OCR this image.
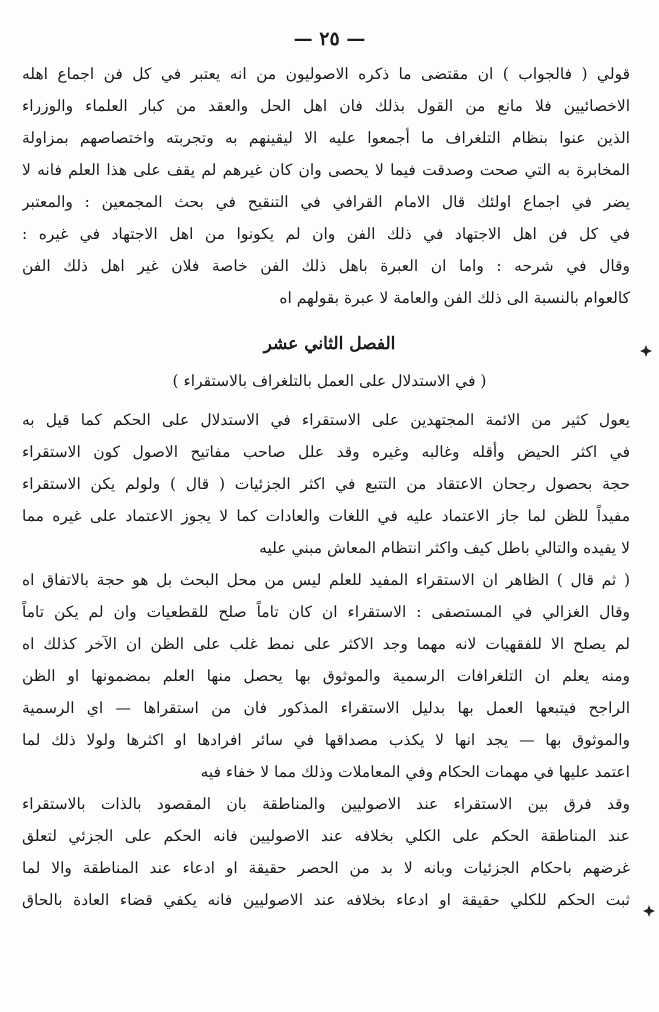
— ٢٥ —
قولي ( فالجواب ) ان مقتضى ما ذكره الاصوليون من انه يعتبر في كل فن اجماع اهله
الاخصائيين فلا مانع من القول بذلك فان اهل الحل والعقد من كبار العلماء والوزراء
الذين عنوا بنظام التلغراف ما أجمعوا عليه الا ليقينهم به وتجربته واختصاصهم بمزاولة
المخابرة به التي صحت وصدقت فيما لا يحصى وان كان غيرهم لم يقف على هذا العلم فانه لا
يضر في اجماع اولئك قال الامام القرافي في التنقيح في بحث المجمعين : والمعتبر
في كل فن اهل الاجتهاد في ذلك الفن وان لم يكونوا من اهل الاجتهاد في غيره :
وقال في شرحه : واما ان العبرة باهل ذلك الفن خاصة فلان غير اهل ذلك الفن
كالعوام بالنسبة الى ذلك الفن والعامة لا عبرة بقولهم اه
الفصل الثاني عشر
( في الاستدلال على العمل بالتلغراف بالاستقراء )
يعول كثير من الائمة المجتهدين على الاستقراء في الاستدلال على الحكم كما قيل به
في اكثر الحيض وأقله وغالبه وغيره وقد علل صاحب مفاتيح الاصول كون الاستقراء
حجة بحصول رجحان الاعتقاد من التتبع في اكثر الجزئيات ( قال ) ولولم يكن الاستقراء
مفيداً للظن لما جاز الاعتماد عليه في اللغات والعادات كما لا يجوز الاعتماد على غيره مما
لا يفيده والتالي باطل كيف واكثر انتظام المعاش مبني عليه
( ثم قال ) الظاهر ان الاستقراء المفيد للعلم ليس من محل البحث بل هو حجة بالاتفاق اه
وقال الغزالي في المستصفى : الاستقراء ان كان تاماً صلح للقطعيات وان لم يكن تاماً
لم يصلح الا للفقهيات لانه مهما وجد الاكثر على نمط غلب على الظن ان الآخر كذلك اه
ومنه يعلم ان التلغرافات الرسمية والموثوق بها يحصل منها العلم بمضمونها او الظن
الراجح فيتبعها العمل بها بدليل الاستقراء المذكور فان من استقراها — اي الرسمية
والموثوق بها — يجد انها لا يكذب مصداقها في سائر افرادها او اكثرها ولولا ذلك لما
اعتمد عليها في مهمات الحكام وفي المعاملات وذلك مما لا خفاء فيه
وقد فرق بين الاستقراء عند الاصوليين والمناطقة بان المقصود بالذات بالاستقراء
عند المناطقة الحكم على الكلي بخلافه عند الاصوليين فانه الحكم على الجزئي لتعلق
غرضهم باحكام الجزئيات وبانه لا بد من الحصر حقيقة او ادعاء عند المناطقة والا لما
ثبت الحكم للكلي حقيقة او ادعاء بخلافه عند الاصوليين فانه يكفي قضاء العادة بالحاق
